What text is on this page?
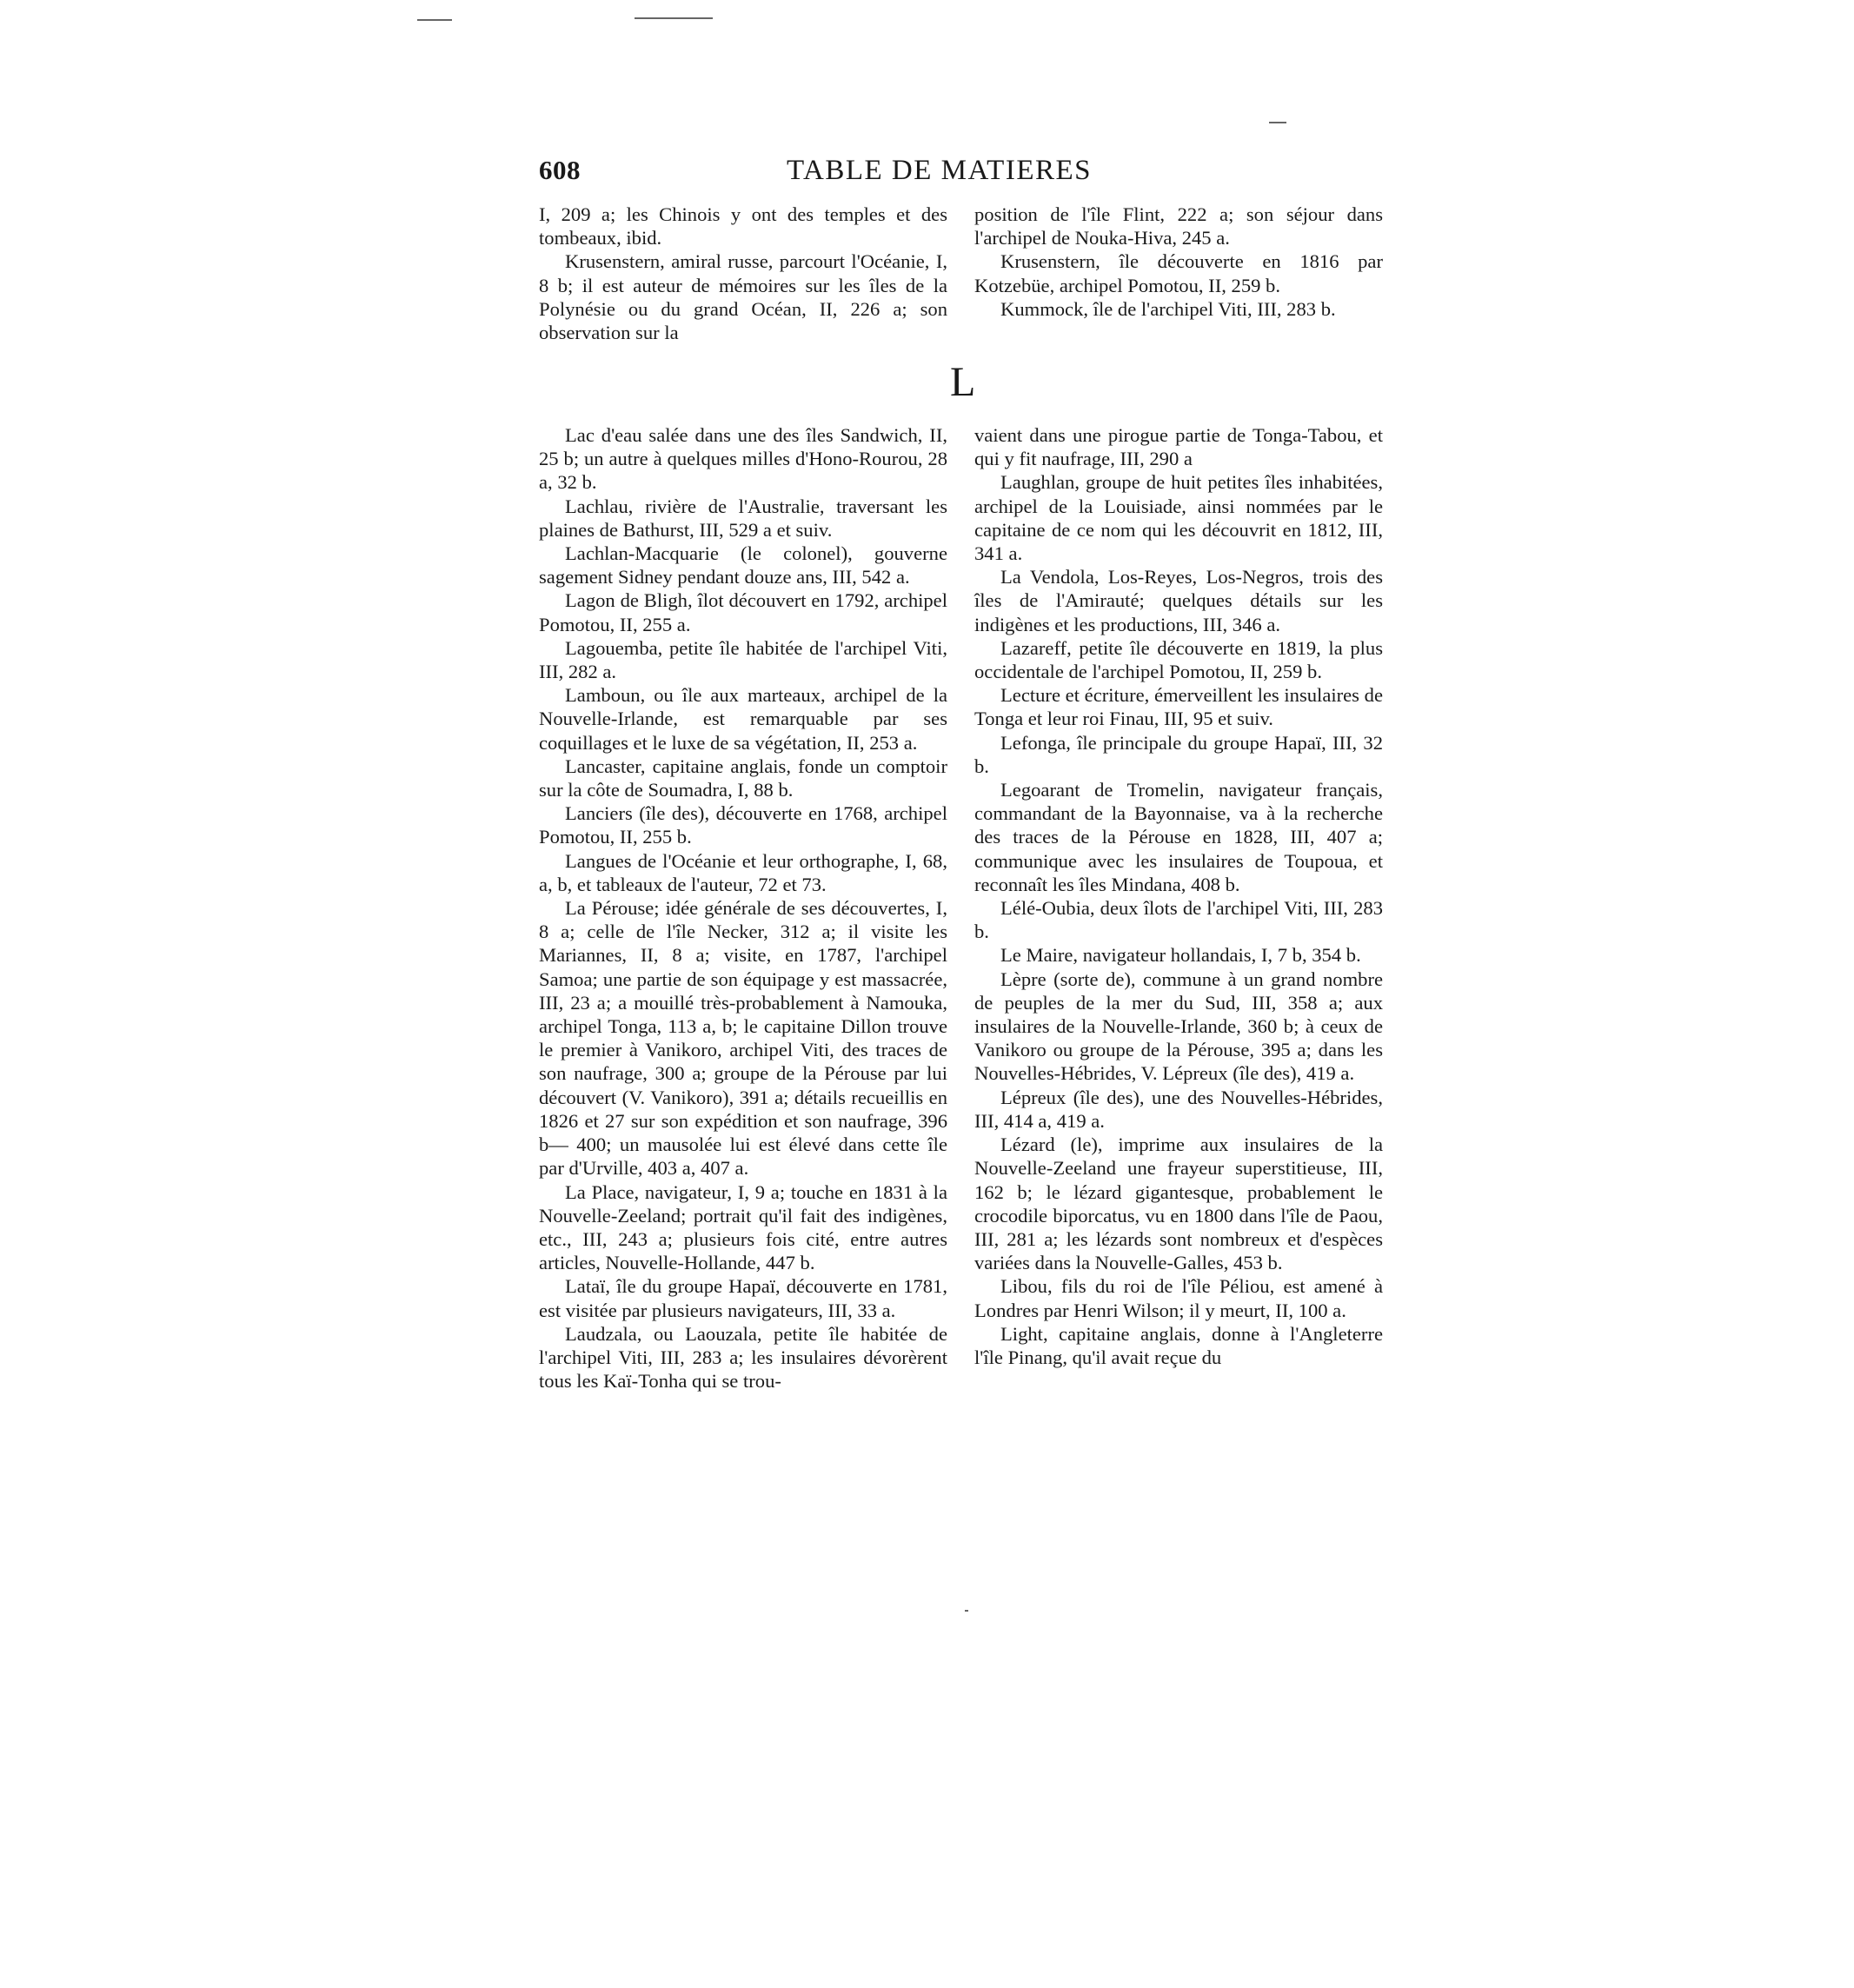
608	TABLE DE MATIERES

I, 209 a; les Chinois y ont des temples et des tombeaux, ibid.

Krusenstern, amiral russe, parcourt l'Océanie, I, 8 b; il est auteur de mémoires sur les îles de la Polynésie ou du grand Océan, II, 226 a; son observation sur la

position de l'île Flint, 222 a; son séjour dans l'archipel de Nouka-Hiva, 245 a.

Krusenstern, île découverte en 1816 par Kotzebüe, archipel Pomotou, II, 259 b.

Kummock, île de l'archipel Viti, III, 283 b.

L

Lac d'eau salée dans une des îles Sandwich, II, 25 b; un autre à quelques milles d'Hono-Rourou, 28 a, 32 b.

Lachlau, rivière de l'Australie, traversant les plaines de Bathurst, III, 529 a et suiv.

Lachlan-Macquarie (le colonel), gouverne sagement Sidney pendant douze ans, III, 542 a.

Lagon de Bligh, îlot découvert en 1792, archipel Pomotou, II, 255 a.

Lagouemba, petite île habitée de l'archipel Viti, III, 282 a.

Lamboun, ou île aux marteaux, archipel de la Nouvelle-Irlande, est remarquable par ses coquillages et le luxe de sa végétation, II, 253 a.

Lancaster, capitaine anglais, fonde un comptoir sur la côte de Soumadra, I, 88 b.

Lanciers (île des), découverte en 1768, archipel Pomotou, II, 255 b.

Langues de l'Océanie et leur orthographe, I, 68, a, b, et tableaux de l'auteur, 72 et 73.

La Pérouse; idée générale de ses découvertes, I, 8 a; celle de l'île Necker, 312 a; il visite les Mariannes, II, 8 a; visite, en 1787, l'archipel Samoa; une partie de son équipage y est massacrée, III, 23 a; a mouillé très-probablement à Namouka, archipel Tonga, 113 a, b; le capitaine Dillon trouve le premier à Vanikoro, archipel Viti, des traces de son naufrage, 300 a; groupe de la Pérouse par lui découvert (V. Vanikoro), 391 a; détails recueillis en 1826 et 27 sur son expédition et son naufrage, 396 b— 400; un mausolée lui est élevé dans cette île par d'Urville, 403 a, 407 a.

La Place, navigateur, I, 9 a; touche en 1831 à la Nouvelle-Zeeland; portrait qu'il fait des indigènes, etc., III, 243 a; plusieurs fois cité, entre autres articles, Nouvelle-Hollande, 447 b.

Lataï, île du groupe Hapaï, découverte en 1781, est visitée par plusieurs navigateurs, III, 33 a.

Laudzala, ou Laouzala, petite île habitée de l'archipel Viti, III, 283 a; les insulaires dévorèrent tous les Kaï-Tonha qui se trou-

vaient dans une pirogue partie de Tonga-Tabou, et qui y fit naufrage, III, 290 a

Laughlan, groupe de huit petites îles inhabitées, archipel de la Louisiade, ainsi nommées par le capitaine de ce nom qui les découvrit en 1812, III, 341 a.

La Vendola, Los-Reyes, Los-Negros, trois des îles de l'Amirauté; quelques détails sur les indigènes et les productions, III, 346 a.

Lazareff, petite île découverte en 1819, la plus occidentale de l'archipel Pomotou, II, 259 b.

Lecture et écriture, émerveillent les insulaires de Tonga et leur roi Finau, III, 95 et suiv.

Lefonga, île principale du groupe Hapaï, III, 32 b.

Legoarant de Tromelin, navigateur français, commandant de la Bayonnaise, va à la recherche des traces de la Pérouse en 1828, III, 407 a; communique avec les insulaires de Toupoua, et reconnaît les îles Mindana, 408 b.

Lélé-Oubia, deux îlots de l'archipel Viti, III, 283 b.

Le Maire, navigateur hollandais, I, 7 b, 354 b.

Lèpre (sorte de), commune à un grand nombre de peuples de la mer du Sud, III, 358 a; aux insulaires de la Nouvelle-Irlande, 360 b; à ceux de Vanikoro ou groupe de la Pérouse, 395 a; dans les Nouvelles-Hébrides, V. Lépreux (île des), 419 a.

Lépreux (île des), une des Nouvelles-Hébrides, III, 414 a, 419 a.

Lézard (le), imprime aux insulaires de la Nouvelle-Zeeland une frayeur superstitieuse, III, 162 b; le lézard gigantesque, probablement le crocodile biporcatus, vu en 1800 dans l'île de Paou, III, 281 a; les lézards sont nombreux et d'espèces variées dans la Nouvelle-Galles, 453 b.

Libou, fils du roi de l'île Péliou, est amené à Londres par Henri Wilson; il y meurt, II, 100 a.

Light, capitaine anglais, donne à l'Angleterre l'île Pinang, qu'il avait reçue du
